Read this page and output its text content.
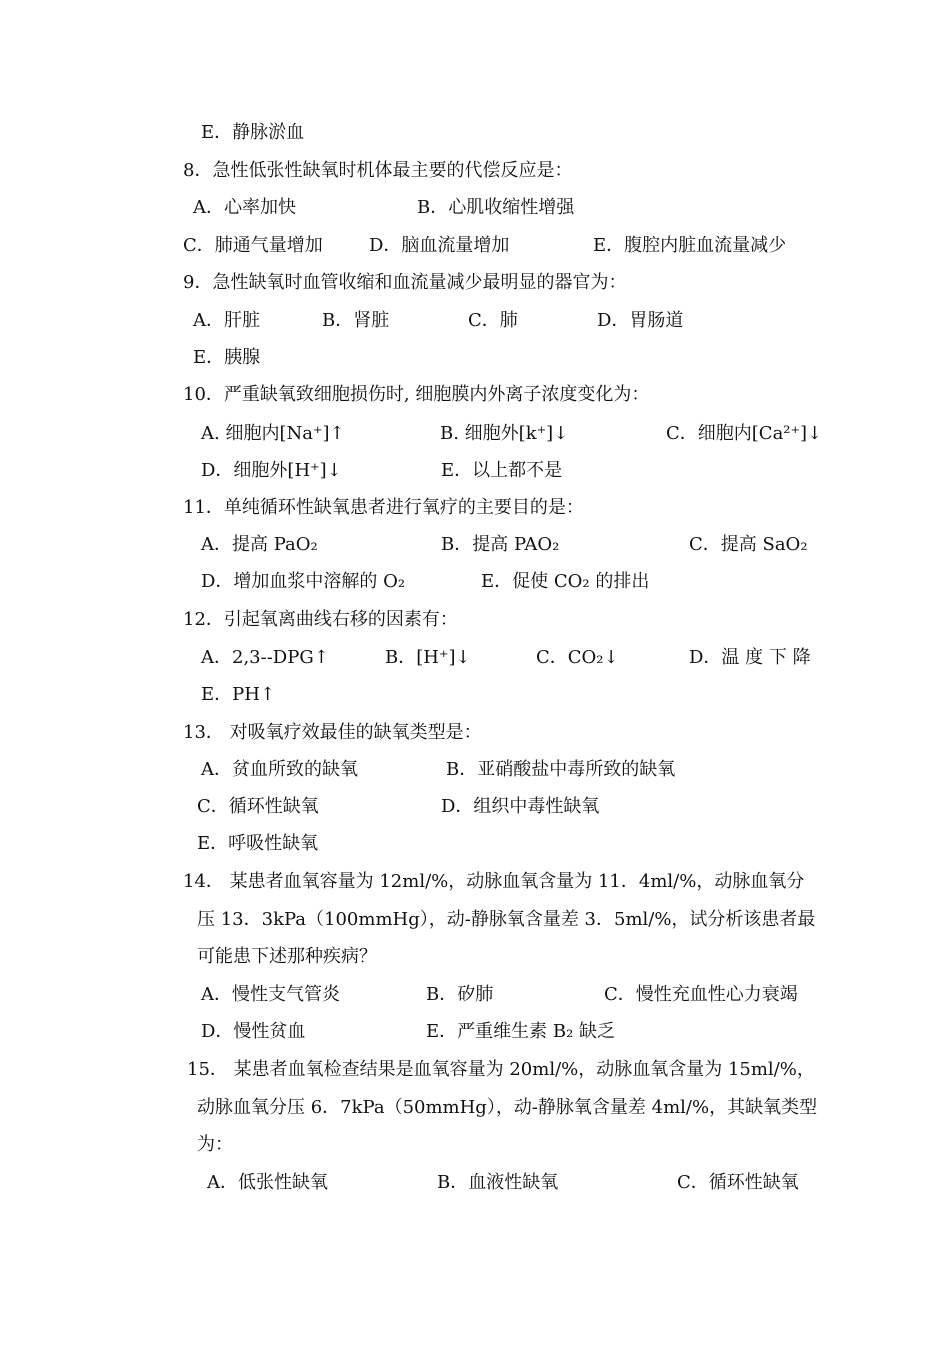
E．静脉淤血
8．急性低张性缺氧时机体最主要的代偿反应是：
A．心率加快	B．心肌收缩性增强
C．肺通气量增加	D．脑血流量增加	E．腹腔内脏血流量减少
9．急性缺氧时血管收缩和血流量减少最明显的器官为：
A．肝脏	B．肾脏	C．肺	D．胃肠道
E．胰腺
10．严重缺氧致细胞损伤时, 细胞膜内外离子浓度变化为：
A. 细胞内[Na⁺]↑	B. 细胞外[k⁺]↓	C．细胞内[Ca²⁺]↓
D．细胞外[H⁺]↓	E．以上都不是
11．单纯循环性缺氧患者进行氧疗的主要目的是：
A．提高 PaO₂	B．提高 PAO₂	C．提高 SaO₂
D．增加血浆中溶解的 O₂	E．促使 CO₂ 的排出
12．引起氧离曲线右移的因素有：
A．2,3--DPG↑	B．[H⁺]↓	C．CO₂↓	D．温 度 下 降
E．PH↑
13． 对吸氧疗效最佳的缺氧类型是：
A．贫血所致的缺氧	B．亚硝酸盐中毒所致的缺氧
C．循环性缺氧	D．组织中毒性缺氧
E．呼吸性缺氧
14． 某患者血氧容量为 12ml/%，动脉血氧含量为 11．4ml/%，动脉血氧分
压 13．3kPa（100mmHg），动-静脉氧含量差 3．5ml/%，试分析该患者最
可能患下述那种疾病？
A．慢性支气管炎	B．矽肺	C．慢性充血性心力衰竭
D．慢性贫血	E．严重维生素 B₂ 缺乏
15． 某患者血氧检查结果是血氧容量为 20ml/%，动脉血氧含量为 15ml/%，
动脉血氧分压 6．7kPa（50mmHg），动-静脉氧含量差 4ml/%，其缺氧类型
为：
A．低张性缺氧	B．血液性缺氧	C．循环性缺氧
